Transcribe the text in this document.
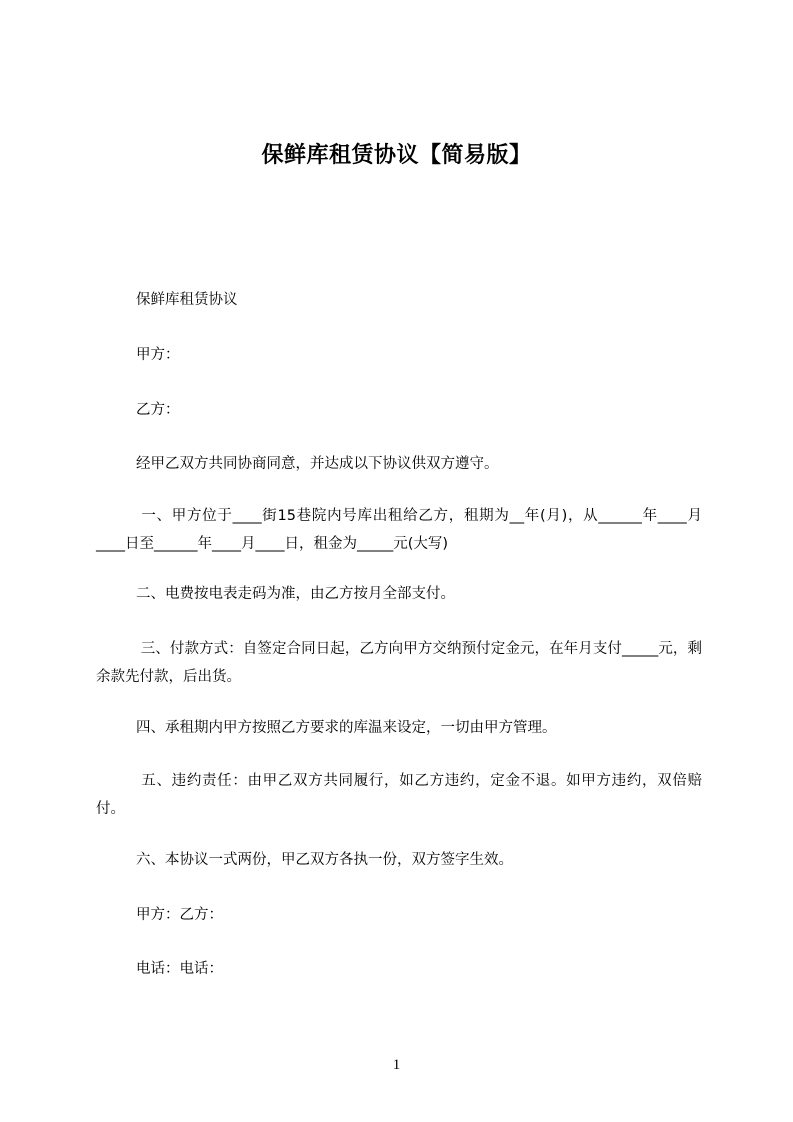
保鲜库租赁协议【简易版】

保鲜库租赁协议

甲方：

乙方：

经甲乙双方共同协商同意，并达成以下协议供双方遵守。

一、甲方位于____街15巷院内号库出租给乙方，租期为__年(月)，从______年____月____日至______年____月____日，租金为_____元(大写)

二、电费按电表走码为准，由乙方按月全部支付。

三、付款方式：自签定合同日起，乙方向甲方交纳预付定金元，在年月支付_____元，剩余款先付款，后出货。

四、承租期内甲方按照乙方要求的库温来设定，一切由甲方管理。

五、违约责任：由甲乙双方共同履行，如乙方违约，定金不退。如甲方违约，双倍赔付。

六、本协议一式两份，甲乙双方各执一份，双方签字生效。

甲方：乙方：

电话：电话：

1
